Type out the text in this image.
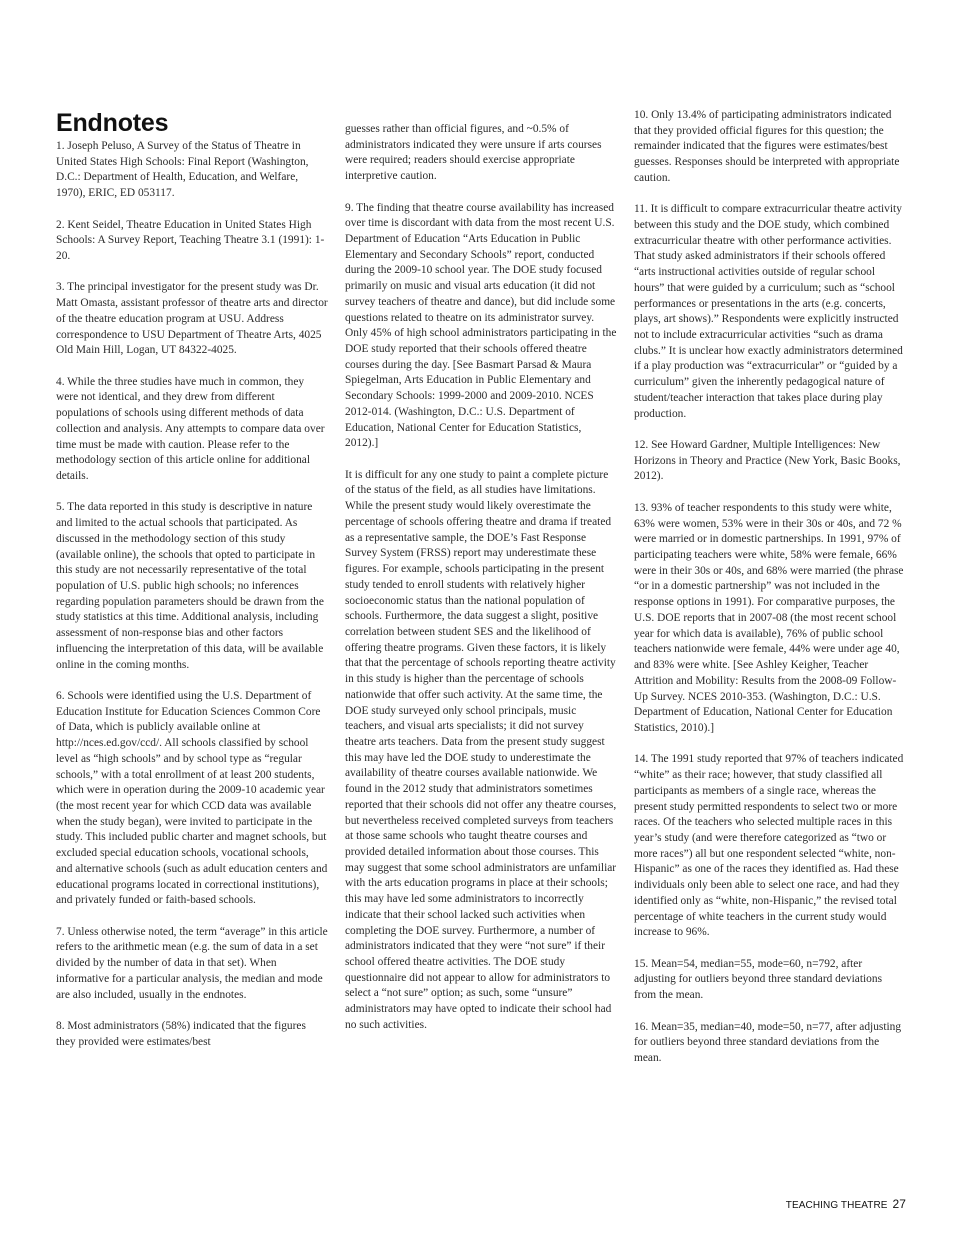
Endnotes

1. Joseph Peluso, A Survey of the Status of Theatre in United States High Schools: Final Report (Washington, D.C.: Department of Health, Education, and Welfare, 1970), ERIC, ED 053117.

2. Kent Seidel, Theatre Education in United States High Schools: A Survey Report, Teaching Theatre 3.1 (1991): 1-20.

3. The principal investigator for the present study was Dr. Matt Omasta, assistant professor of theatre arts and director of the theatre education program at USU. Address correspondence to USU Department of Theatre Arts, 4025 Old Main Hill, Logan, UT 84322-4025.

4. While the three studies have much in common, they were not identical, and they drew from different populations of schools using different methods of data collection and analysis. Any attempts to compare data over time must be made with caution. Please refer to the methodology section of this article online for additional details.

5. The data reported in this study is descriptive in nature and limited to the actual schools that participated. As discussed in the methodology section of this study (available online), the schools that opted to participate in this study are not necessarily representative of the total population of U.S. public high schools; no inferences regarding population parameters should be drawn from the study statistics at this time. Additional analysis, including assessment of non-response bias and other factors influencing the interpretation of this data, will be available online in the coming months.

6. Schools were identified using the U.S. Department of Education Institute for Education Sciences Common Core of Data, which is publicly available online at http://nces.ed.gov/ccd/. All schools classified by school level as “high schools” and by school type as “regular schools,” with a total enrollment of at least 200 students, which were in operation during the 2009-10 academic year (the most recent year for which CCD data was available when the study began), were invited to participate in the study. This included public charter and magnet schools, but excluded special education schools, vocational schools, and alternative schools (such as adult education centers and educational programs located in correctional institutions), and privately funded or faith-based schools.

7. Unless otherwise noted, the term “average” in this article refers to the arithmetic mean (e.g. the sum of data in a set divided by the number of data in that set). When informative for a particular analysis, the median and mode are also included, usually in the endnotes.

8. Most administrators (58%) indicated that the figures they provided were estimates/best

guesses rather than official figures, and ~0.5% of administrators indicated they were unsure if arts courses were required; readers should exercise appropriate interpretive caution.

9. The finding that theatre course availability has increased over time is discordant with data from the most recent U.S. Department of Education “Arts Education in Public Elementary and Secondary Schools” report, conducted during the 2009-10 school year. The DOE study focused primarily on music and visual arts education (it did not survey teachers of theatre and dance), but did include some questions related to theatre on its administrator survey. Only 45% of high school administrators participating in the DOE study reported that their schools offered theatre courses during the day. [See Basmart Parsad & Maura Spiegelman, Arts Education in Public Elementary and Secondary Schools: 1999-2000 and 2009-2010. NCES 2012-014. (Washington, D.C.: U.S. Department of Education, National Center for Education Statistics, 2012).]

It is difficult for any one study to paint a complete picture of the status of the field, as all studies have limitations. While the present study would likely overestimate the percentage of schools offering theatre and drama if treated as a representative sample, the DOE’s Fast Response Survey System (FRSS) report may underestimate these figures. For example, schools participating in the present study tended to enroll students with relatively higher socioeconomic status than the national population of schools. Furthermore, the data suggest a slight, positive correlation between student SES and the likelihood of offering theatre programs. Given these factors, it is likely that that the percentage of schools reporting theatre activity in this study is higher than the percentage of schools nationwide that offer such activity. At the same time, the DOE study surveyed only school principals, music teachers, and visual arts specialists; it did not survey theatre arts teachers. Data from the present study suggest this may have led the DOE study to underestimate the availability of theatre courses available nationwide. We found in the 2012 study that administrators sometimes reported that their schools did not offer any theatre courses, but nevertheless received completed surveys from teachers at those same schools who taught theatre courses and provided detailed information about those courses. This may suggest that some school administrators are unfamiliar with the arts education programs in place at their schools; this may have led some administrators to incorrectly indicate that their school lacked such activities when completing the DOE survey. Furthermore, a number of administrators indicated that they were “not sure” if their school offered theatre activities. The DOE study questionnaire did not appear to allow for administrators to select a “not sure” option; as such, some “unsure” administrators may have opted to indicate their school had no such activities.

10. Only 13.4% of participating administrators indicated that they provided official figures for this question; the remainder indicated that the figures were estimates/best guesses. Responses should be interpreted with appropriate caution.

11. It is difficult to compare extracurricular theatre activity between this study and the DOE study, which combined extracurricular theatre with other performance activities. That study asked administrators if their schools offered “arts instructional activities outside of regular school hours” that were guided by a curriculum; such as “school performances or presentations in the arts (e.g. concerts, plays, art shows).” Respondents were explicitly instructed not to include extracurricular activities “such as drama clubs.” It is unclear how exactly administrators determined if a play production was “extracurricular” or “guided by a curriculum” given the inherently pedagogical nature of student/teacher interaction that takes place during play production.

12. See Howard Gardner, Multiple Intelligences: New Horizons in Theory and Practice (New York, Basic Books, 2012).

13. 93% of teacher respondents to this study were white, 63% were women, 53% were in their 30s or 40s, and 72 % were married or in domestic partnerships. In 1991, 97% of participating teachers were white, 58% were female, 66% were in their 30s or 40s, and 68% were married (the phrase “or in a domestic partnership” was not included in the response options in 1991). For comparative purposes, the U.S. DOE reports that in 2007-08 (the most recent school year for which data is available), 76% of public school teachers nationwide were female, 44% were under age 40, and 83% were white. [See Ashley Keigher, Teacher Attrition and Mobility: Results from the 2008-09 Follow-Up Survey. NCES 2010-353. (Washington, D.C.: U.S. Department of Education, National Center for Education Statistics, 2010).]

14. The 1991 study reported that 97% of teachers indicated “white” as their race; however, that study classified all participants as members of a single race, whereas the present study permitted respondents to select two or more races. Of the teachers who selected multiple races in this year’s study (and were therefore categorized as “two or more races”) all but one respondent selected “white, non-Hispanic” as one of the races they identified as. Had these individuals only been able to select one race, and had they identified only as “white, non-Hispanic,” the revised total percentage of white teachers in the current study would increase to 96%.

15. Mean=54, median=55, mode=60, n=792, after adjusting for outliers beyond three standard deviations from the mean.

16. Mean=35, median=40, mode=50, n=77, after adjusting for outliers beyond three standard deviations from the mean.

TEACHING THEATRE 27
